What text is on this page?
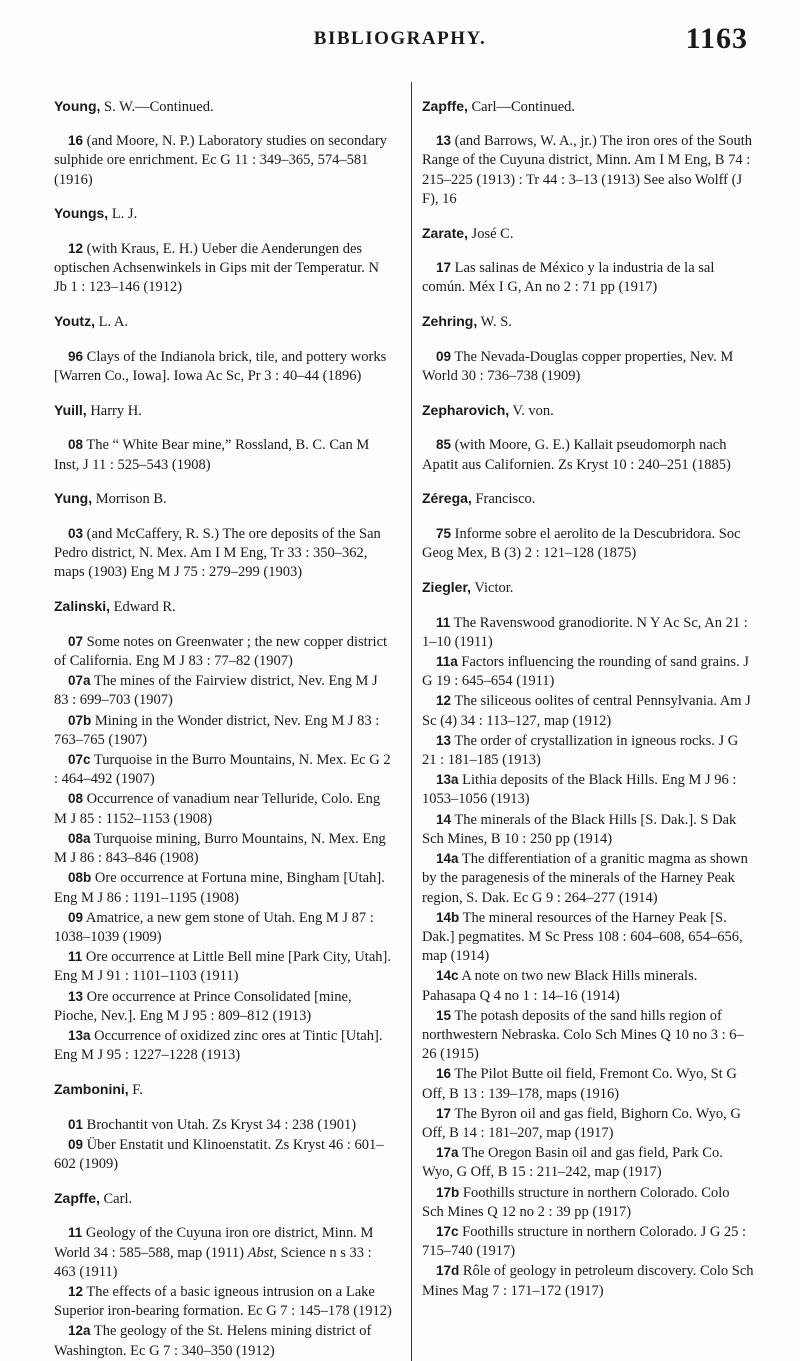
BIBLIOGRAPHY.	1163

Young, S. W.—Continued.

16 (and Moore, N. P.) Laboratory studies on secondary sulphide ore enrichment. Ec G 11 : 349–365, 574–581 (1916)

Youngs, L. J.

12 (with Kraus, E. H.) Ueber die Aenderungen des optischen Achsenwinkels in Gips mit der Temperatur. N Jb 1 : 123–146 (1912)

Youtz, L. A.

96 Clays of the Indianola brick, tile, and pottery works [Warren Co., Iowa]. Iowa Ac Sc, Pr 3 : 40–44 (1896)

Yuill, Harry H.

08 The “ White Bear mine,” Rossland, B. C. Can M Inst, J 11 : 525–543 (1908)

Yung, Morrison B.

03 (and McCaffery, R. S.) The ore deposits of the San Pedro district, N. Mex. Am I M Eng, Tr 33 : 350–362, maps (1903) Eng M J 75 : 279–299 (1903)

Zalinski, Edward R.

07 Some notes on Greenwater ; the new copper district of California. Eng M J 83 : 77–82 (1907)

07a The mines of the Fairview district, Nev. Eng M J 83 : 699–703 (1907)

07b Mining in the Wonder district, Nev. Eng M J 83 : 763–765 (1907)

07c Turquoise in the Burro Mountains, N. Mex. Ec G 2 : 464–492 (1907)

08 Occurrence of vanadium near Telluride, Colo. Eng M J 85 : 1152–1153 (1908)

08a Turquoise mining, Burro Mountains, N. Mex. Eng M J 86 : 843–846 (1908)

08b Ore occurrence at Fortuna mine, Bingham [Utah]. Eng M J 86 : 1191–1195 (1908)

09 Amatrice, a new gem stone of Utah. Eng M J 87 : 1038–1039 (1909)

11 Ore occurrence at Little Bell mine [Park City, Utah]. Eng M J 91 : 1101–1103 (1911)

13 Ore occurrence at Prince Consolidated [mine, Pioche, Nev.]. Eng M J 95 : 809–812 (1913)

13a Occurrence of oxidized zinc ores at Tintic [Utah]. Eng M J 95 : 1227–1228 (1913)

Zambonini, F.

01 Brochantit von Utah. Zs Kryst 34 : 238 (1901)

09 Über Enstatit und Klinoenstatit. Zs Kryst 46 : 601–602 (1909)

Zapffe, Carl.

11 Geology of the Cuyuna iron ore district, Minn. M World 34 : 585–588, map (1911) Abst, Science n s 33 : 463 (1911)

12 The effects of a basic igneous intrusion on a Lake Superior iron-bearing formation. Ec G 7 : 145–178 (1912)

12a The geology of the St. Helens mining district of Washington. Ec G 7 : 340–350 (1912)

Zapffe, Carl—Continued.

13 (and Barrows, W. A., jr.) The iron ores of the South Range of the Cuyuna district, Minn. Am I M Eng, B 74 : 215–225 (1913) : Tr 44 : 3–13 (1913) See also Wolff (J F), 16

Zarate, José C.

17 Las salinas de México y la industria de la sal común. Méx I G, An no 2 : 71 pp (1917)

Zehring, W. S.

09 The Nevada-Douglas copper properties, Nev. M World 30 : 736–738 (1909)

Zepharovich, V. von.

85 (with Moore, G. E.) Kallait pseudomorph nach Apatit aus Californien. Zs Kryst 10 : 240–251 (1885)

Zérega, Francisco.

75 Informe sobre el aerolito de la Descubridora. Soc Geog Mex, B (3) 2 : 121–128 (1875)

Ziegler, Victor.

11 The Ravenswood granodiorite. N Y Ac Sc, An 21 : 1–10 (1911)

11a Factors influencing the rounding of sand grains. J G 19 : 645–654 (1911)

12 The siliceous oolites of central Pennsylvania. Am J Sc (4) 34 : 113–127, map (1912)

13 The order of crystallization in igneous rocks. J G 21 : 181–185 (1913)

13a Lithia deposits of the Black Hills. Eng M J 96 : 1053–1056 (1913)

14 The minerals of the Black Hills [S. Dak.]. S Dak Sch Mines, B 10 : 250 pp (1914)

14a The differentiation of a granitic magma as shown by the paragenesis of the minerals of the Harney Peak region, S. Dak. Ec G 9 : 264–277 (1914)

14b The mineral resources of the Harney Peak [S. Dak.] pegmatites. M Sc Press 108 : 604–608, 654–656, map (1914)

14c A note on two new Black Hills minerals. Pahasapa Q 4 no 1 : 14–16 (1914)

15 The potash deposits of the sand hills region of northwestern Nebraska. Colo Sch Mines Q 10 no 3 : 6–26 (1915)

16 The Pilot Butte oil field, Fremont Co. Wyo, St G Off, B 13 : 139–178, maps (1916)

17 The Byron oil and gas field, Bighorn Co. Wyo, G Off, B 14 : 181–207, map (1917)

17a The Oregon Basin oil and gas field, Park Co. Wyo, G Off, B 15 : 211–242, map (1917)

17b Foothills structure in northern Colorado. Colo Sch Mines Q 12 no 2 : 39 pp (1917)

17c Foothills structure in northern Colorado. J G 25 : 715–740 (1917)

17d Rôle of geology in petroleum discovery. Colo Sch Mines Mag 7 : 171–172 (1917)
